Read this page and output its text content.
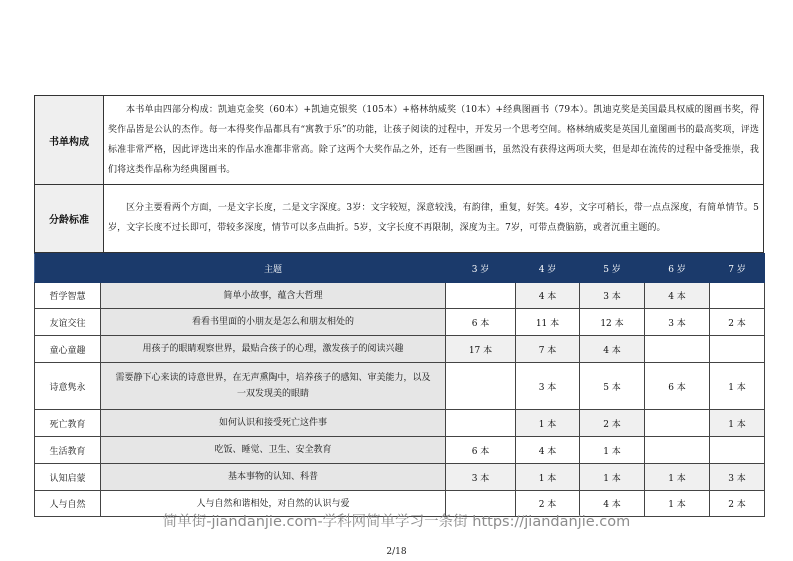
书单构成	本书单由四部分构成：凯迪克金奖（60本）+凯迪克银奖（105本）+格林纳威奖（10本）+经典图画书（79本）。凯迪克奖是美国最具权威的图画书奖，得奖作品皆是公认的杰作。每一本得奖作品都具有“寓教于乐”的功能，让孩子阅读的过程中，开发另一个思考空间。格林纳威奖是英国儿童图画书的最高奖项，评选标准非常严格，因此评选出来的作品水准都非常高。除了这两个大奖作品之外，还有一些图画书，虽然没有获得这两项大奖，但是却在流传的过程中备受推崇，我们将这类作品称为经典图画书。
分龄标准	区分主要看两个方面，一是文字长度，二是文字深度。3岁：文字较短，深意较浅，有韵律，重复，好笑。4岁，文字可稍长，带一点点深度，有简单情节。5岁，文字长度不过长即可，带较多深度，情节可以多点曲折。5岁，文字长度不再限制，深度为主。7岁，可带点费脑筋，或者沉重主题的。
	主题	3 岁	4 岁	5 岁	6 岁	7 岁
哲学智慧	简单小故事，蕴含大哲理		4 本	3 本	4 本	
友谊交往	看看书里面的小朋友是怎么和朋友相处的	6 本	11 本	12 本	3 本	2 本
童心童趣	用孩子的眼睛观察世界，最贴合孩子的心理，激发孩子的阅读兴趣	17 本	7 本	4 本		
诗意隽永	需要静下心来读的诗意世界，在无声熏陶中，培养孩子的感知、审美能力，以及一双发现美的眼睛		3 本	5 本	6 本	1 本
死亡教育	如何认识和接受死亡这件事		1 本	2 本		1 本
生活教育	吃饭、睡觉、卫生、安全教育	6 本	4 本	1 本		
认知启蒙	基本事物的认知、科普	3 本	1 本	1 本	1 本	3 本
人与自然	人与自然和谐相处，对自然的认识与爱		2 本	4 本	1 本	2 本
简单街-jiandanjie.com-学科网简单学习一条街 https://jiandanjie.com
2/18
